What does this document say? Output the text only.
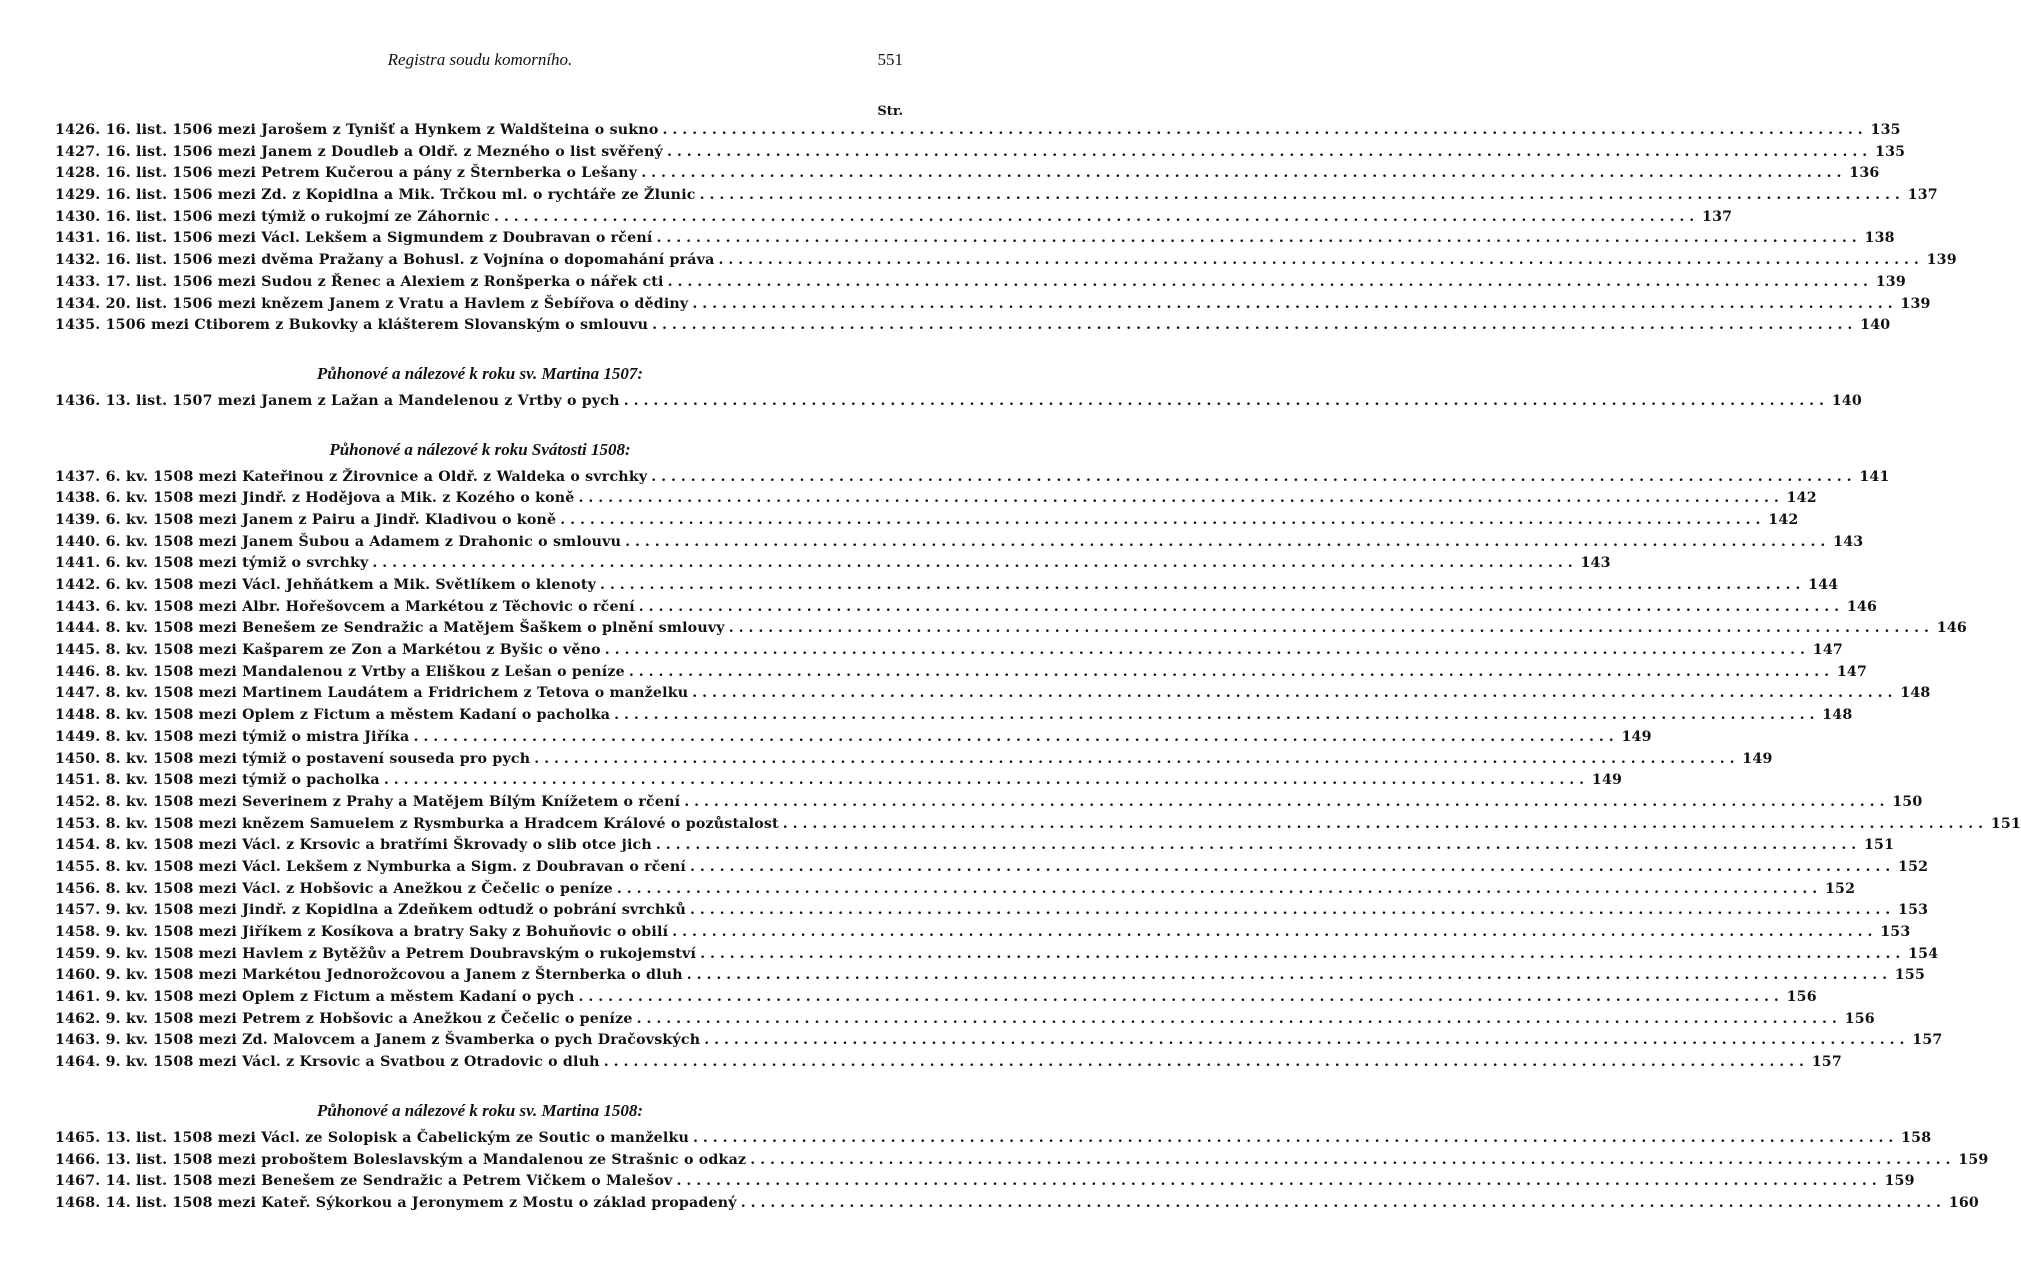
Registra soudu komorního.	551
Str.
1426. 16. list. 1506 mezi Jarošem z Tynišť a Hynkem z Waldšteina o sukno . . .	135
1427. 16. list. 1506 mezi Janem z Doudleb a Oldř. z Mezného o list svěřený . . .	135
1428. 16. list. 1506 mezi Petrem Kučerou a pány z Šternberka o Lešany . . .	136
1429. 16. list. 1506 mezi Zd. z Kopidlna a Mik. Trčkou ml. o rychtáře ze Žlunic . . .	137
1430. 16. list. 1506 mezi týmiž o rukojmí ze Záhornic . . .	137
1431. 16. list. 1506 mezi Václ. Lekšem a Sigmundem z Doubravan o rčení . . .	138
1432. 16. list. 1506 mezi dvěma Pražany a Bohusl. z Vojnína o dopomahání práva . . .	139
1433. 17. list. 1506 mezi Sudou z Řenec a Alexiem z Ronšperka o nářek cti . . .	139
1434. 20. list. 1506 mezi knězem Janem z Vratu a Havlem z Šebířova o dědiny . . .	139
1435. 1506 mezi Ctiborem z Bukovky a klášterem Slovanským o smlouvu . . .	140
Půhonové a nálezové k roku sv. Martina 1507:
1436. 13. list. 1507 mezi Janem z Lažan a Mandelenou z Vrtby o pych . . .	140
Půhonové a nálezové k roku Svátosti 1508:
1437. 6. kv. 1508 mezi Kateřinou z Žirovnice a Oldř. z Waldeka o svrchky . . .	141
1438. 6. kv. 1508 mezi Jindř. z Hodějova a Mik. z Kozého o koně . . .	142
1439. 6. kv. 1508 mezi Janem z Pairu a Jindř. Kladivou o koně . . .	142
1440. 6. kv. 1508 mezi Janem Šubou a Adamem z Drahonic o smlouvu . . .	143
1441. 6. kv. 1508 mezi týmiž o svrchky . . .	143
1442. 6. kv. 1508 mezi Václ. Jehňátkem a Mik. Světlíkem o klenoty . . .	144
1443. 6. kv. 1508 mezi Albr. Hořešovcem a Markétou z Těchovic o rčení . . .	146
1444. 8. kv. 1508 mezi Benešem ze Sendražic a Matějem Šaškem o plnění smlouvy . . .	146
1445. 8. kv. 1508 mezi Kašparem ze Zon a Markétou z Byšic o věno . . .	147
1446. 8. kv. 1508 mezi Mandalenou z Vrtby a Eliškou z Lešan o peníze . . .	147
1447. 8. kv. 1508 mezi Martinem Laudátem a Fridrichem z Tetova o manželku . . .	148
1448. 8. kv. 1508 mezi Oplem z Fictum a městem Kadaní o pacholka . . .	148
1449. 8. kv. 1508 mezi týmiž o mistra Jiříka . . .	149
1450. 8. kv. 1508 mezi týmiž o postavení souseda pro pych . . .	149
1451. 8. kv. 1508 mezi týmiž o pacholka . . .	149
1452. 8. kv. 1508 mezi Severinem z Prahy a Matějem Bílým Knížetem o rčení . . .	150
1453. 8. kv. 1508 mezi knězem Samuelem z Rysmburka a Hradcem Králové o pozůstalost . . .	151
1454. 8. kv. 1508 mezi Václ. z Krsovic a bratřími Škrovady o slib otce jich . . .	151
1455. 8. kv. 1508 mezi Václ. Lekšem z Nymburka a Sigm. z Doubravan o rčení . . .	152
1456. 8. kv. 1508 mezi Václ. z Hobšovic a Anežkou z Čečelic o peníze . . .	152
1457. 9. kv. 1508 mezi Jindř. z Kopidlna a Zdeňkem odtudž o pobrání svrchků . . .	153
1458. 9. kv. 1508 mezi Jiříkem z Kosíkova a bratry Saky z Bohuňovic o obilí . . .	153
1459. 9. kv. 1508 mezi Havlem z Bytěžův a Petrem Doubravským o rukojemství . . .	154
1460. 9. kv. 1508 mezi Markétou Jednorožcovou a Janem z Šternberka o dluh . . .	155
1461. 9. kv. 1508 mezi Oplem z Fictum a městem Kadaní o pych . . .	156
1462. 9. kv. 1508 mezi Petrem z Hobšovic a Anežkou z Čečelic o peníze . . .	156
1463. 9. kv. 1508 mezi Zd. Malovcem a Janem z Švamberka o pych Dračovských . . .	157
1464. 9. kv. 1508 mezi Václ. z Krsovic a Svatbou z Otradovic o dluh . . .	157
Půhonové a nálezové k roku sv. Martina 1508:
1465. 13. list. 1508 mezi Václ. ze Solopisk a Čabelickým ze Soutic o manželku . . .	158
1466. 13. list. 1508 mezi proboštem Boleslavským a Mandalenou ze Strašnic o odkaz . . .	159
1467. 14. list. 1508 mezi Benešem ze Sendražic a Petrem Vičkem o Malešov . . .	159
1468. 14. list. 1508 mezi Kateř. Sýkorkou a Jeronymem z Mostu o základ propadený . . .	160
